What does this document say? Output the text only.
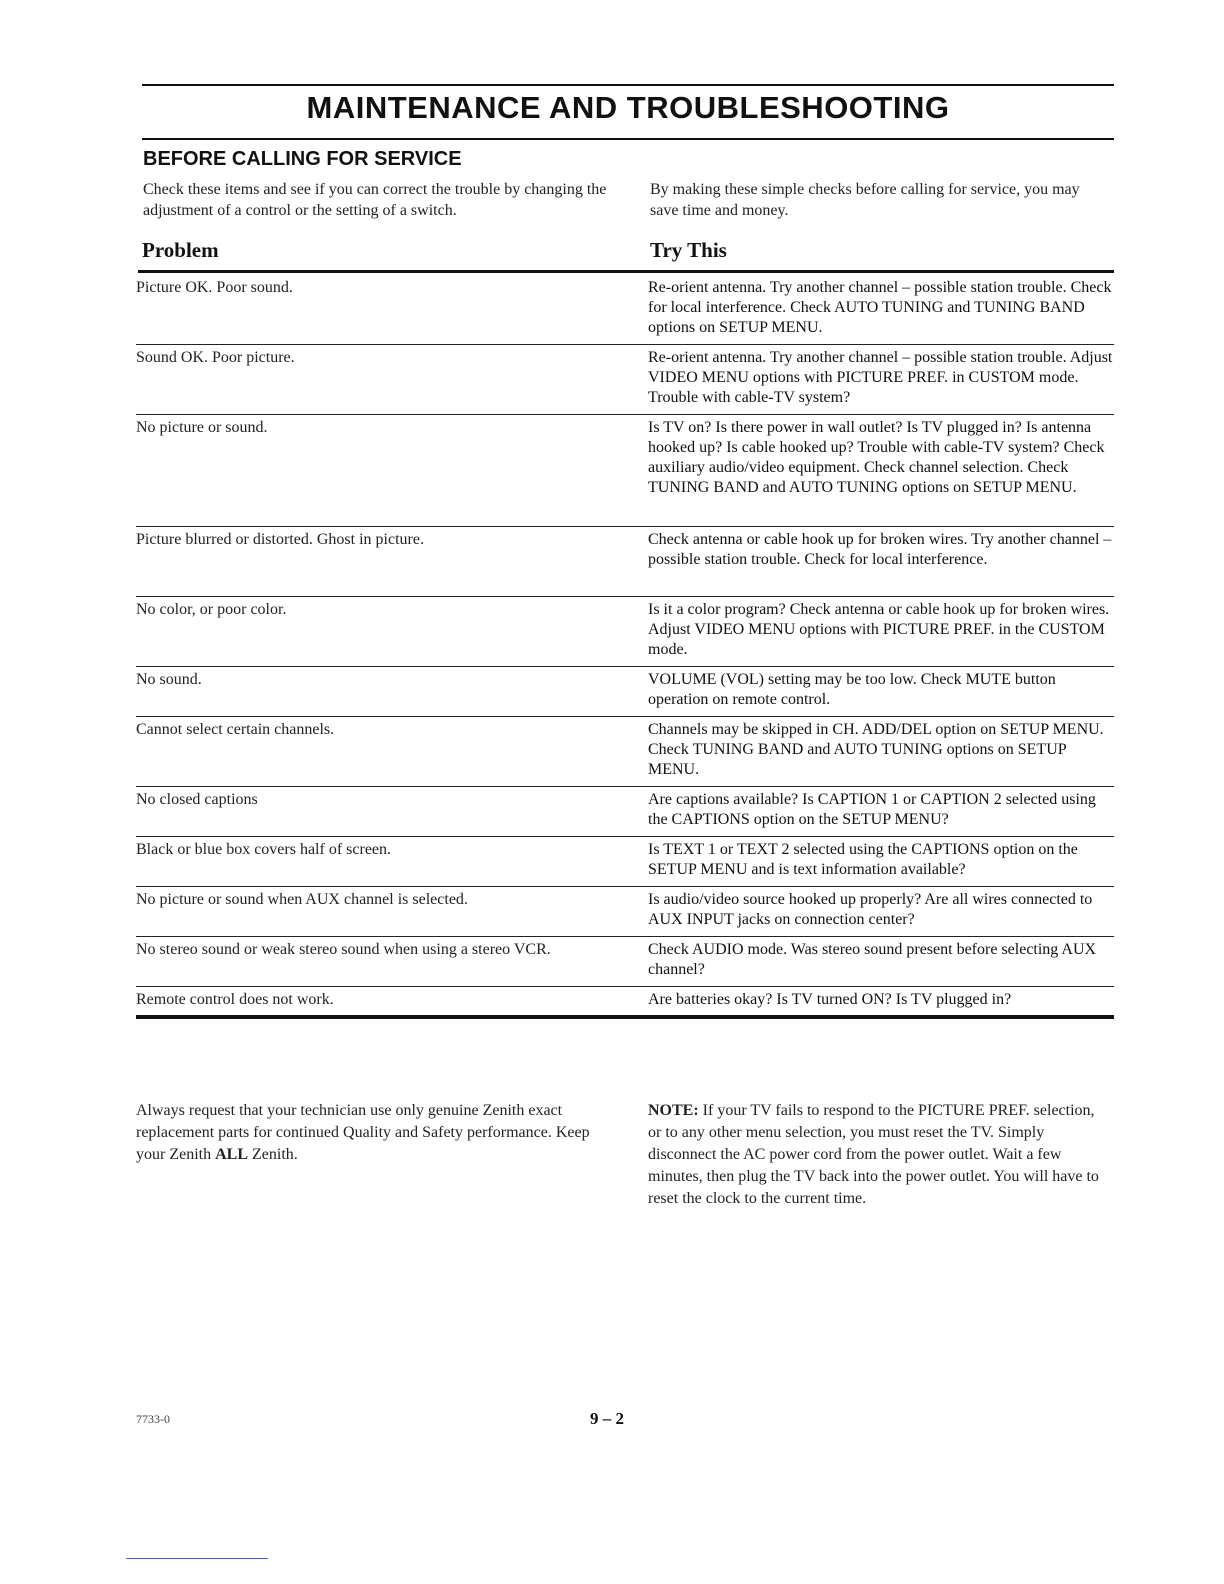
MAINTENANCE AND TROUBLESHOOTING
BEFORE CALLING FOR SERVICE
Check these items and see if you can correct the trouble by changing the adjustment of a control or the setting of a switch.
By making these simple checks before calling for service, you may save time and money.
Problem	Try This
Picture OK. Poor sound.	Re-orient antenna. Try another channel – possible station trouble. Check for local interference. Check AUTO TUNING and TUNING BAND options on SETUP MENU.
Sound OK. Poor picture.	Re-orient antenna. Try another channel – possible station trouble. Adjust VIDEO MENU options with PICTURE PREF. in CUSTOM mode. Trouble with cable-TV system?
No picture or sound.	Is TV on? Is there power in wall outlet? Is TV plugged in? Is antenna hooked up? Is cable hooked up? Trouble with cable-TV system? Check auxiliary audio/video equipment. Check channel selection. Check TUNING BAND and AUTO TUNING options on SETUP MENU.
Picture blurred or distorted. Ghost in picture.	Check antenna or cable hook up for broken wires. Try another channel – possible station trouble. Check for local interference.
No color, or poor color.	Is it a color program? Check antenna or cable hook up for broken wires. Adjust VIDEO MENU options with PICTURE PREF. in the CUSTOM mode.
No sound.	VOLUME (VOL) setting may be too low. Check MUTE button operation on remote control.
Cannot select certain channels.	Channels may be skipped in CH. ADD/DEL option on SETUP MENU. Check TUNING BAND and AUTO TUNING options on SETUP MENU.
No closed captions	Are captions available? Is CAPTION 1 or CAPTION 2 selected using the CAPTIONS option on the SETUP MENU?
Black or blue box covers half of screen.	Is TEXT 1 or TEXT 2 selected using the CAPTIONS option on the SETUP MENU and is text information available?
No picture or sound when AUX channel is selected.	Is audio/video source hooked up properly? Are all wires connected to AUX INPUT jacks on connection center?
No stereo sound or weak stereo sound when using a stereo VCR.	Check AUDIO mode. Was stereo sound present before selecting AUX channel?
Remote control does not work.	Are batteries okay? Is TV turned ON? Is TV plugged in?
Always request that your technician use only genuine Zenith exact replacement parts for continued Quality and Safety performance. Keep your Zenith ALL Zenith.
NOTE: If your TV fails to respond to the PICTURE PREF. selection, or to any other menu selection, you must reset the TV. Simply disconnect the AC power cord from the power outlet. Wait a few minutes, then plug the TV back into the power outlet. You will have to reset the clock to the current time.
7733-0	9 – 2
